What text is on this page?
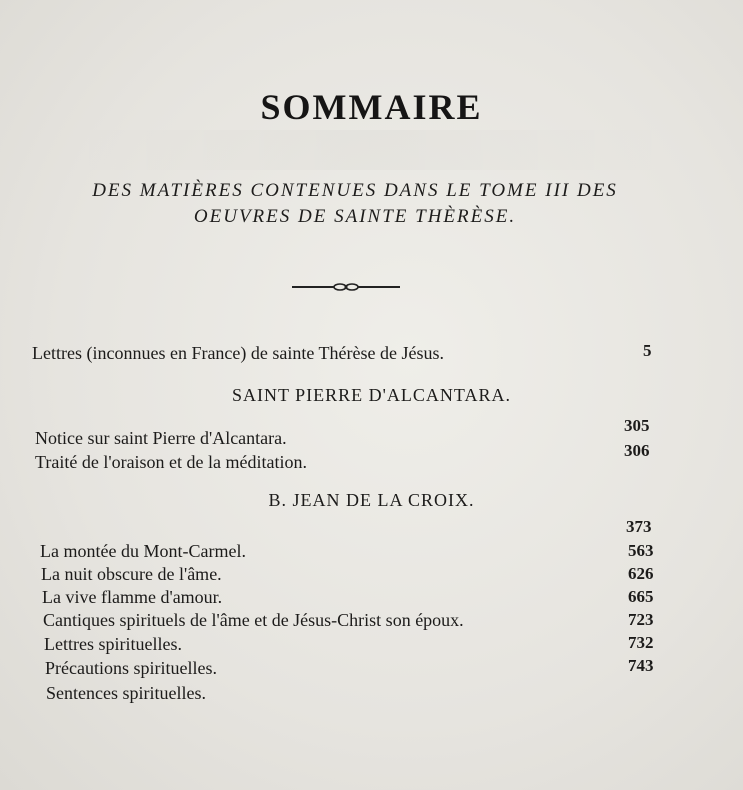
SOMMAIRE
DES MATIÈRES CONTENUES DANS LE TOME III DES
OEUVRES DE SAINTE THÈRÈSE.
Lettres (inconnues en France) de sainte Thérèse de Jésus.	5
SAINT PIERRE D'ALCANTARA.
305
306
Notice sur saint Pierre d'Alcantara.
Traité de l'oraison et de la méditation.
B. JEAN DE LA CROIX.
373
563
626
665
723
732
743
La montée du Mont-Carmel.
La nuit obscure de l'âme.
La vive flamme d'amour.
Cantiques spirituels de l'âme et de Jésus-Christ son époux.
Lettres spirituelles.
Précautions spirituelles.
Sentences spirituelles.
